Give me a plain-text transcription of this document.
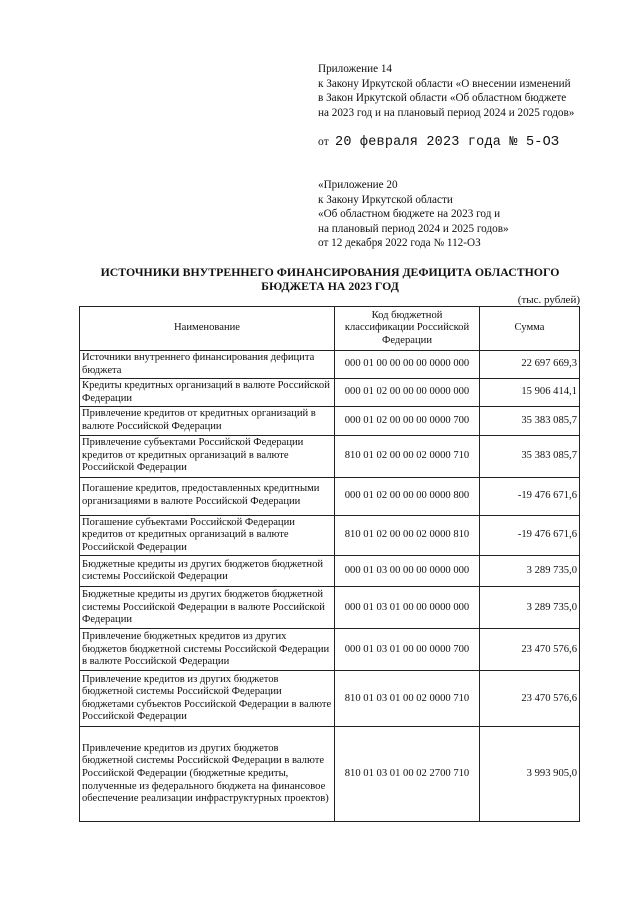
Приложение 14
к Закону Иркутской области «О внесении изменений
в Закон Иркутской области «Об областном бюджете
на 2023 год и на плановый период 2024 и 2025 годов»
от 20 февраля 2023 года № 5-ОЗ
«Приложение 20
к Закону Иркутской области
«Об областном бюджете на 2023 год и
на плановый период 2024 и 2025 годов»
от 12 декабря 2022 года № 112-ОЗ
ИСТОЧНИКИ ВНУТРЕННЕГО ФИНАНСИРОВАНИЯ ДЕФИЦИТА ОБЛАСТНОГО
БЮДЖЕТА НА 2023 ГОД
(тыс. рублей)
Наименование	Код бюджетной классификации Российской Федерации	Сумма
Источники внутреннего финансирования дефицита бюджета	000 01 00 00 00 00 0000 000	22 697 669,3
Кредиты кредитных организаций в валюте Российской Федерации	000 01 02 00 00 00 0000 000	15 906 414,1
Привлечение кредитов от кредитных организаций в валюте Российской Федерации	000 01 02 00 00 00 0000 700	35 383 085,7
Привлечение субъектами Российской Федерации кредитов от кредитных организаций в валюте Российской Федерации	810 01 02 00 00 02 0000 710	35 383 085,7
Погашение кредитов, предоставленных кредитными организациями в валюте Российской Федерации	000 01 02 00 00 00 0000 800	-19 476 671,6
Погашение субъектами Российской Федерации кредитов от кредитных организаций в валюте Российской Федерации	810 01 02 00 00 02 0000 810	-19 476 671,6
Бюджетные кредиты из других бюджетов бюджетной системы Российской Федерации	000 01 03 00 00 00 0000 000	3 289 735,0
Бюджетные кредиты из других бюджетов бюджетной системы Российской Федерации в валюте Российской Федерации	000 01 03 01 00 00 0000 000	3 289 735,0
Привлечение бюджетных кредитов из других бюджетов бюджетной системы Российской Федерации в валюте Российской Федерации	000 01 03 01 00 00 0000 700	23 470 576,6
Привлечение кредитов из других бюджетов бюджетной системы Российской Федерации бюджетами субъектов Российской Федерации в валюте Российской Федерации	810 01 03 01 00 02 0000 710	23 470 576,6
Привлечение кредитов из других бюджетов бюджетной системы Российской Федерации в валюте Российской Федерации (бюджетные кредиты, полученные из федерального бюджета на финансовое обеспечение реализации инфраструктурных проектов)	810 01 03 01 00 02 2700 710	3 993 905,0
